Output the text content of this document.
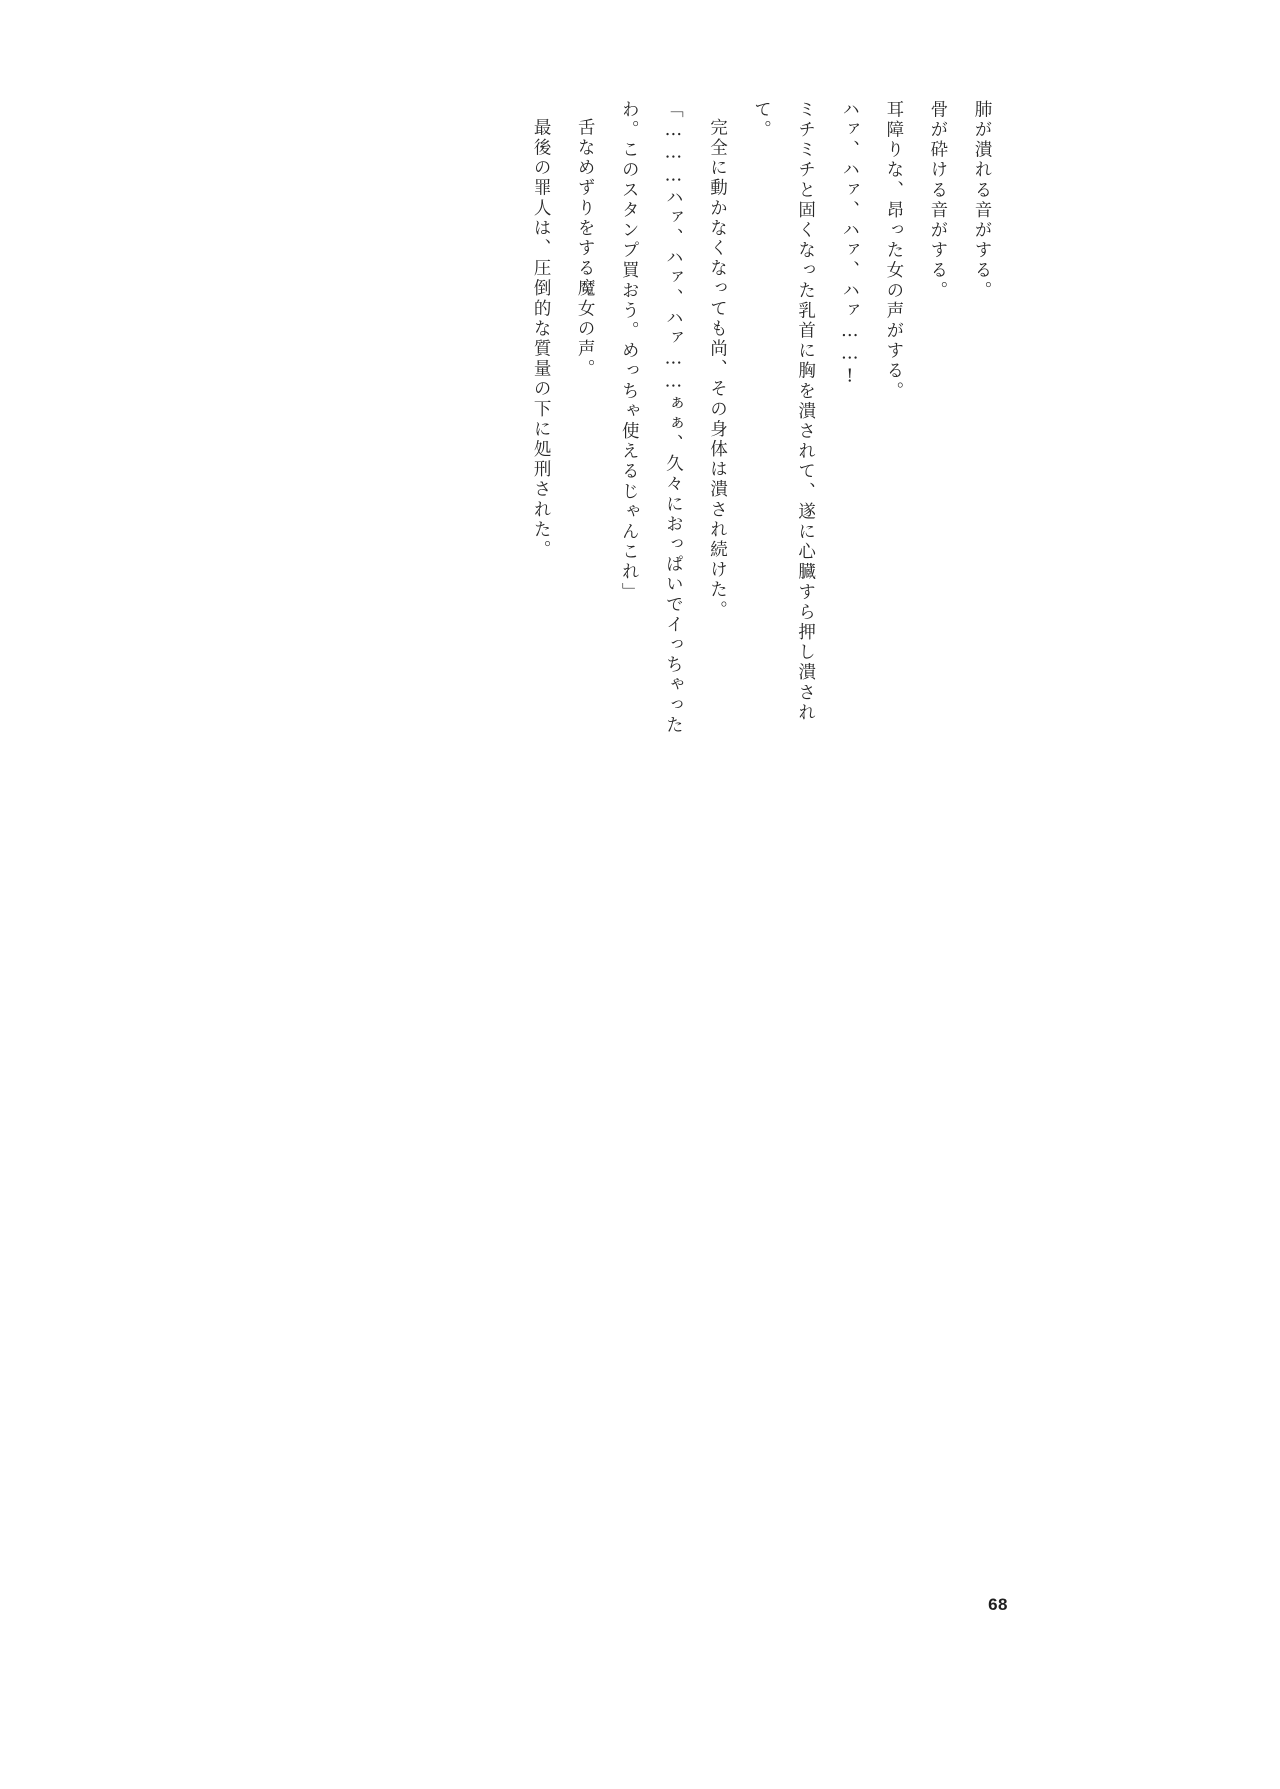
肺が潰れる音がする。

骨が砕ける音がする。

耳障りな、昂った女の声がする。

ハァ、ハァ、ハァ、ハァ……!

ミチミチと固くなった乳首に胸を潰されて、遂に心臓すら押し潰されて。

完全に動かなくなっても尚、その身体は潰され続けた。

「………ハァ、ハァ、ハァ……ぁぁ、久々におっぱいでイっちゃったわ。このスタンプ買おう。めっちゃ使えるじゃんこれ」

舌なめずりをする魔女の声。

最後の罪人は、圧倒的な質量の下に処刑された。

68
